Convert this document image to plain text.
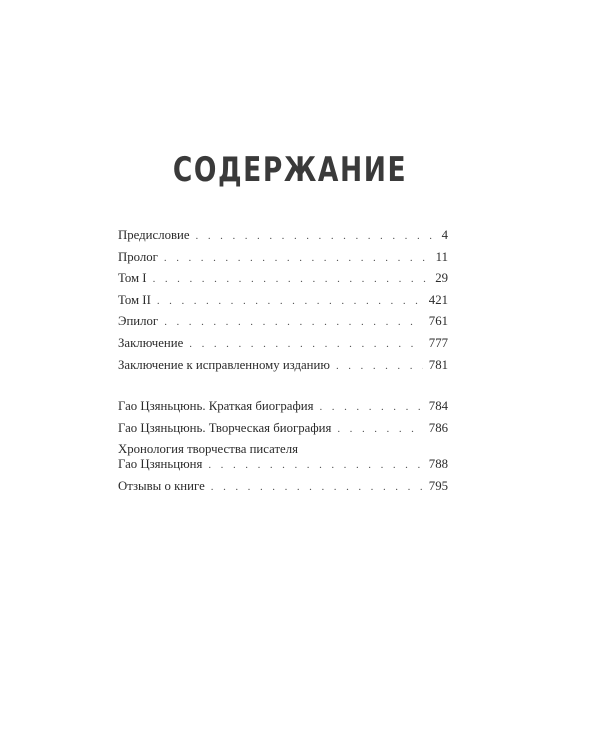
СОДЕРЖАНИЕ
Предисловие . . .	4
Пролог . . .	11
Том I . . .	29
Том II . . .	421
Эпилог . . .	761
Заключение . . .	777
Заключение к исправленному изданию . . .	781
Гао Цзяньцюнь. Краткая биография . . .	784
Гао Цзяньцюнь. Творческая биография . . .	786
Хронология творчества писателя
Гао Цзяньцюня . . .	788
Отзывы о книге . . .	795
